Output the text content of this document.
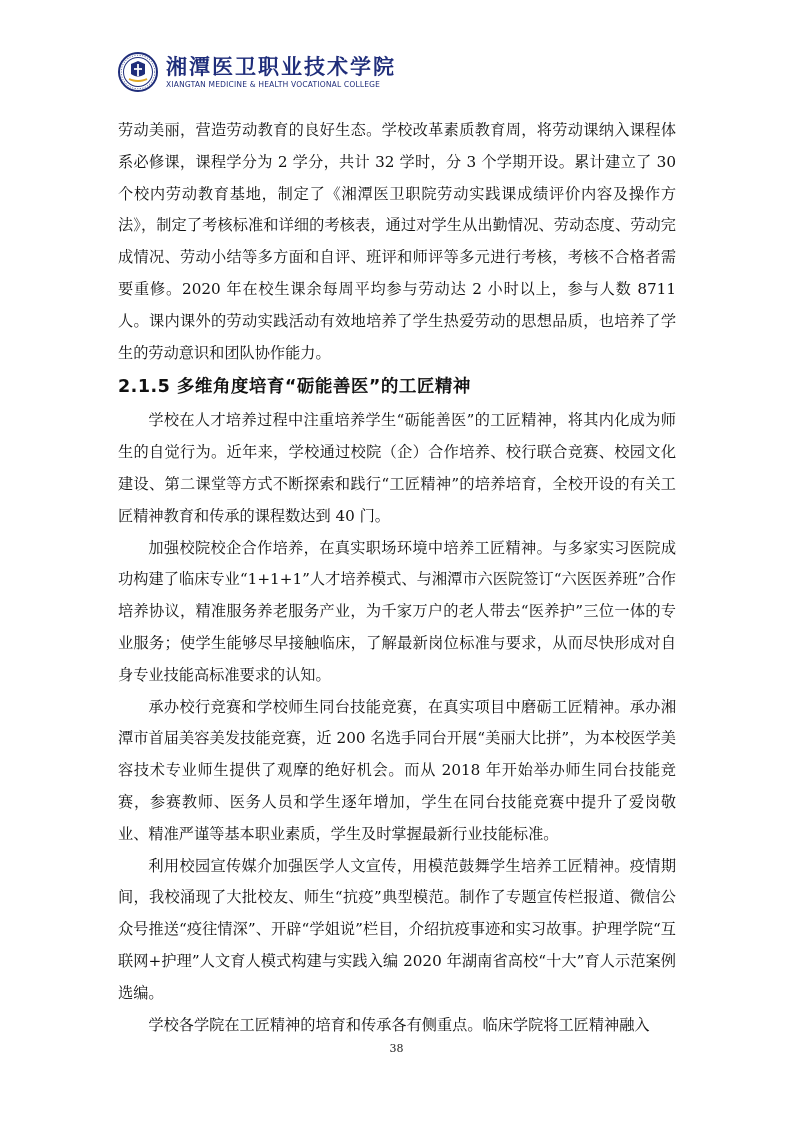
湘潭医卫职业技术学院
XIANGTAN MEDICINE & HEALTH VOCATIONAL COLLEGE

劳动美丽，营造劳动教育的良好生态。学校改革素质教育周，将劳动课纳入课程体系必修课，课程学分为 2 学分，共计 32 学时，分 3 个学期开设。累计建立了 30 个校内劳动教育基地，制定了《湘潭医卫职院劳动实践课成绩评价内容及操作方法》，制定了考核标准和详细的考核表，通过对学生从出勤情况、劳动态度、劳动完成情况、劳动小结等多方面和自评、班评和师评等多元进行考核，考核不合格者需要重修。2020 年在校生课余每周平均参与劳动达 2 小时以上，参与人数 8711 人。课内课外的劳动实践活动有效地培养了学生热爱劳动的思想品质，也培养了学生的劳动意识和团队协作能力。

2.1.5 多维角度培育“砺能善医”的工匠精神

学校在人才培养过程中注重培养学生“砺能善医”的工匠精神，将其内化成为师生的自觉行为。近年来，学校通过校院（企）合作培养、校行联合竞赛、校园文化建设、第二课堂等方式不断探索和践行“工匠精神”的培养培育，全校开设的有关工匠精神教育和传承的课程数达到 40 门。

加强校院校企合作培养，在真实职场环境中培养工匠精神。与多家实习医院成功构建了临床专业“1+1+1”人才培养模式、与湘潭市六医院签订“六医医养班”合作培养协议，精准服务养老服务产业，为千家万户的老人带去“医养护”三位一体的专业服务；使学生能够尽早接触临床，了解最新岗位标准与要求，从而尽快形成对自身专业技能高标准要求的认知。

承办校行竞赛和学校师生同台技能竞赛，在真实项目中磨砺工匠精神。承办湘潭市首届美容美发技能竞赛，近 200 名选手同台开展“美丽大比拼”，为本校医学美容技术专业师生提供了观摩的绝好机会。而从 2018 年开始举办师生同台技能竞赛，参赛教师、医务人员和学生逐年增加，学生在同台技能竞赛中提升了爱岗敬业、精准严谨等基本职业素质，学生及时掌握最新行业技能标准。

利用校园宣传媒介加强医学人文宣传，用模范鼓舞学生培养工匠精神。疫情期间，我校涌现了大批校友、师生“抗疫”典型模范。制作了专题宣传栏报道、微信公众号推送“疫往情深”、开辟“学姐说”栏目，介绍抗疫事迹和实习故事。护理学院“互联网+护理”人文育人模式构建与实践入编 2020 年湖南省高校“十大”育人示范案例选编。

学校各学院在工匠精神的培育和传承各有侧重点。临床学院将工匠精神融入

38
